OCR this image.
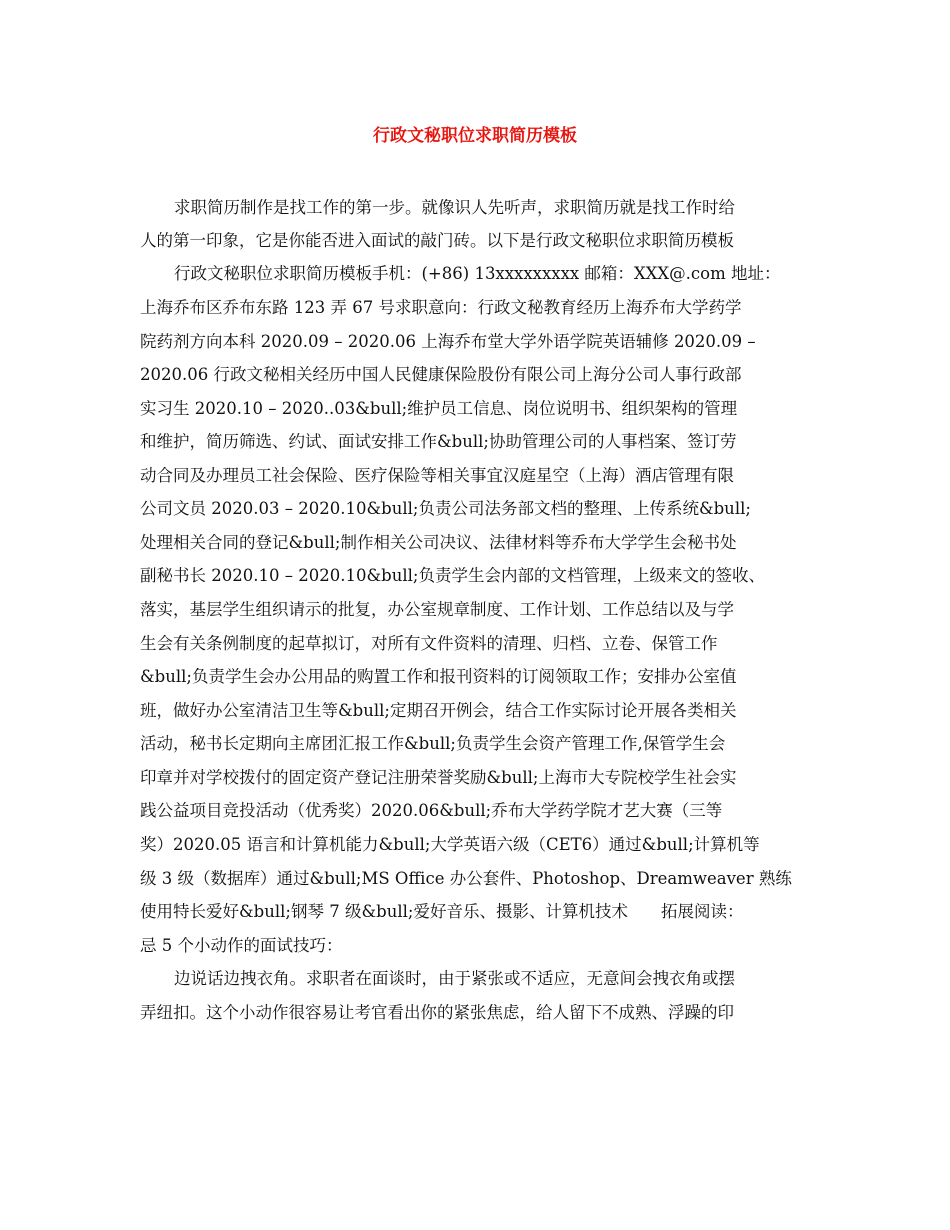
行政文秘职位求职简历模板
求职简历制作是找工作的第一步。就像识人先听声，求职简历就是找工作时给
人的第一印象，它是你能否进入面试的敲门砖。以下是行政文秘职位求职简历模板
行政文秘职位求职简历模板手机：(+86) 13xxxxxxxxx 邮箱：XXX@.com 地址：
上海乔布区乔布东路 123 弄 67 号求职意向：行政文秘教育经历上海乔布大学药学
院药剂方向本科 2020.09 – 2020.06 上海乔布堂大学外语学院英语辅修 2020.09 –
2020.06 行政文秘相关经历中国人民健康保险股份有限公司上海分公司人事行政部
实习生 2020.10 – 2020..03&bull;维护员工信息、岗位说明书、组织架构的管理
和维护，简历筛选、约试、面试安排工作&bull;协助管理公司的人事档案、签订劳
动合同及办理员工社会保险、医疗保险等相关事宜汉庭星空（上海）酒店管理有限
公司文员 2020.03 – 2020.10&bull;负责公司法务部文档的整理、上传系统&bull;
处理相关合同的登记&bull;制作相关公司决议、法律材料等乔布大学学生会秘书处
副秘书长 2020.10 – 2020.10&bull;负责学生会内部的文档管理，上级来文的签收、
落实，基层学生组织请示的批复，办公室规章制度、工作计划、工作总结以及与学
生会有关条例制度的起草拟订，对所有文件资料的清理、归档、立卷、保管工作
&bull;负责学生会办公用品的购置工作和报刊资料的订阅领取工作；安排办公室值
班，做好办公室清洁卫生等&bull;定期召开例会，结合工作实际讨论开展各类相关
活动，秘书长定期向主席团汇报工作&bull;负责学生会资产管理工作,保管学生会
印章并对学校拨付的固定资产登记注册荣誉奖励&bull;上海市大专院校学生社会实
践公益项目竞投活动（优秀奖）2020.06&bull;乔布大学药学院才艺大赛（三等
奖）2020.05 语言和计算机能力&bull;大学英语六级（CET6）通过&bull;计算机等
级 3 级（数据库）通过&bull;MS Office 办公套件、Photoshop、Dreamweaver 熟练
使用特长爱好&bull;钢琴 7 级&bull;爱好音乐、摄影、计算机技术　　拓展阅读：
忌 5 个小动作的面试技巧：
边说话边拽衣角。求职者在面谈时，由于紧张或不适应，无意间会拽衣角或摆
弄纽扣。这个小动作很容易让考官看出你的紧张焦虑，给人留下不成熟、浮躁的印
